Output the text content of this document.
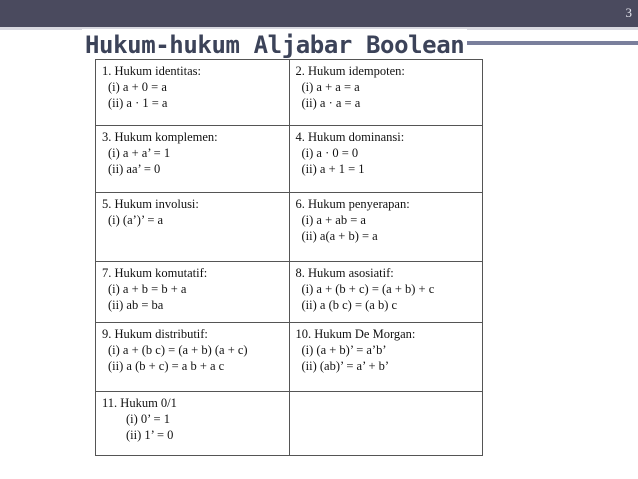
3
Hukum-hukum Aljabar Boolean
1. Hukum identitas:
(i) a + 0 = a
(ii) a · 1 = a	2. Hukum idempoten:
(i) a + a = a
(ii) a · a = a

3. Hukum komplemen:
(i) a + a’ = 1
(ii) aa’ = 0	4. Hukum dominansi:
(i) a · 0 = 0
(ii) a + 1 = 1

5. Hukum involusi:
(i) (a’)’ = a	6. Hukum penyerapan:
(i) a + ab = a
(ii) a(a + b) = a

7. Hukum komutatif:
(i) a + b = b + a
(ii) ab = ba	8. Hukum asosiatif:
(i) a + (b + c) = (a + b) + c
(ii) a (b c) = (a b) c

9. Hukum distributif:
(i) a + (b c) = (a + b) (a + c)
(ii) a (b + c) = a b + a c	10. Hukum De Morgan:
(i) (a + b)’ = a’b’
(ii) (ab)’ = a’ + b’

11. Hukum 0/1
(i) 0’ = 1
(ii) 1’ = 0	
